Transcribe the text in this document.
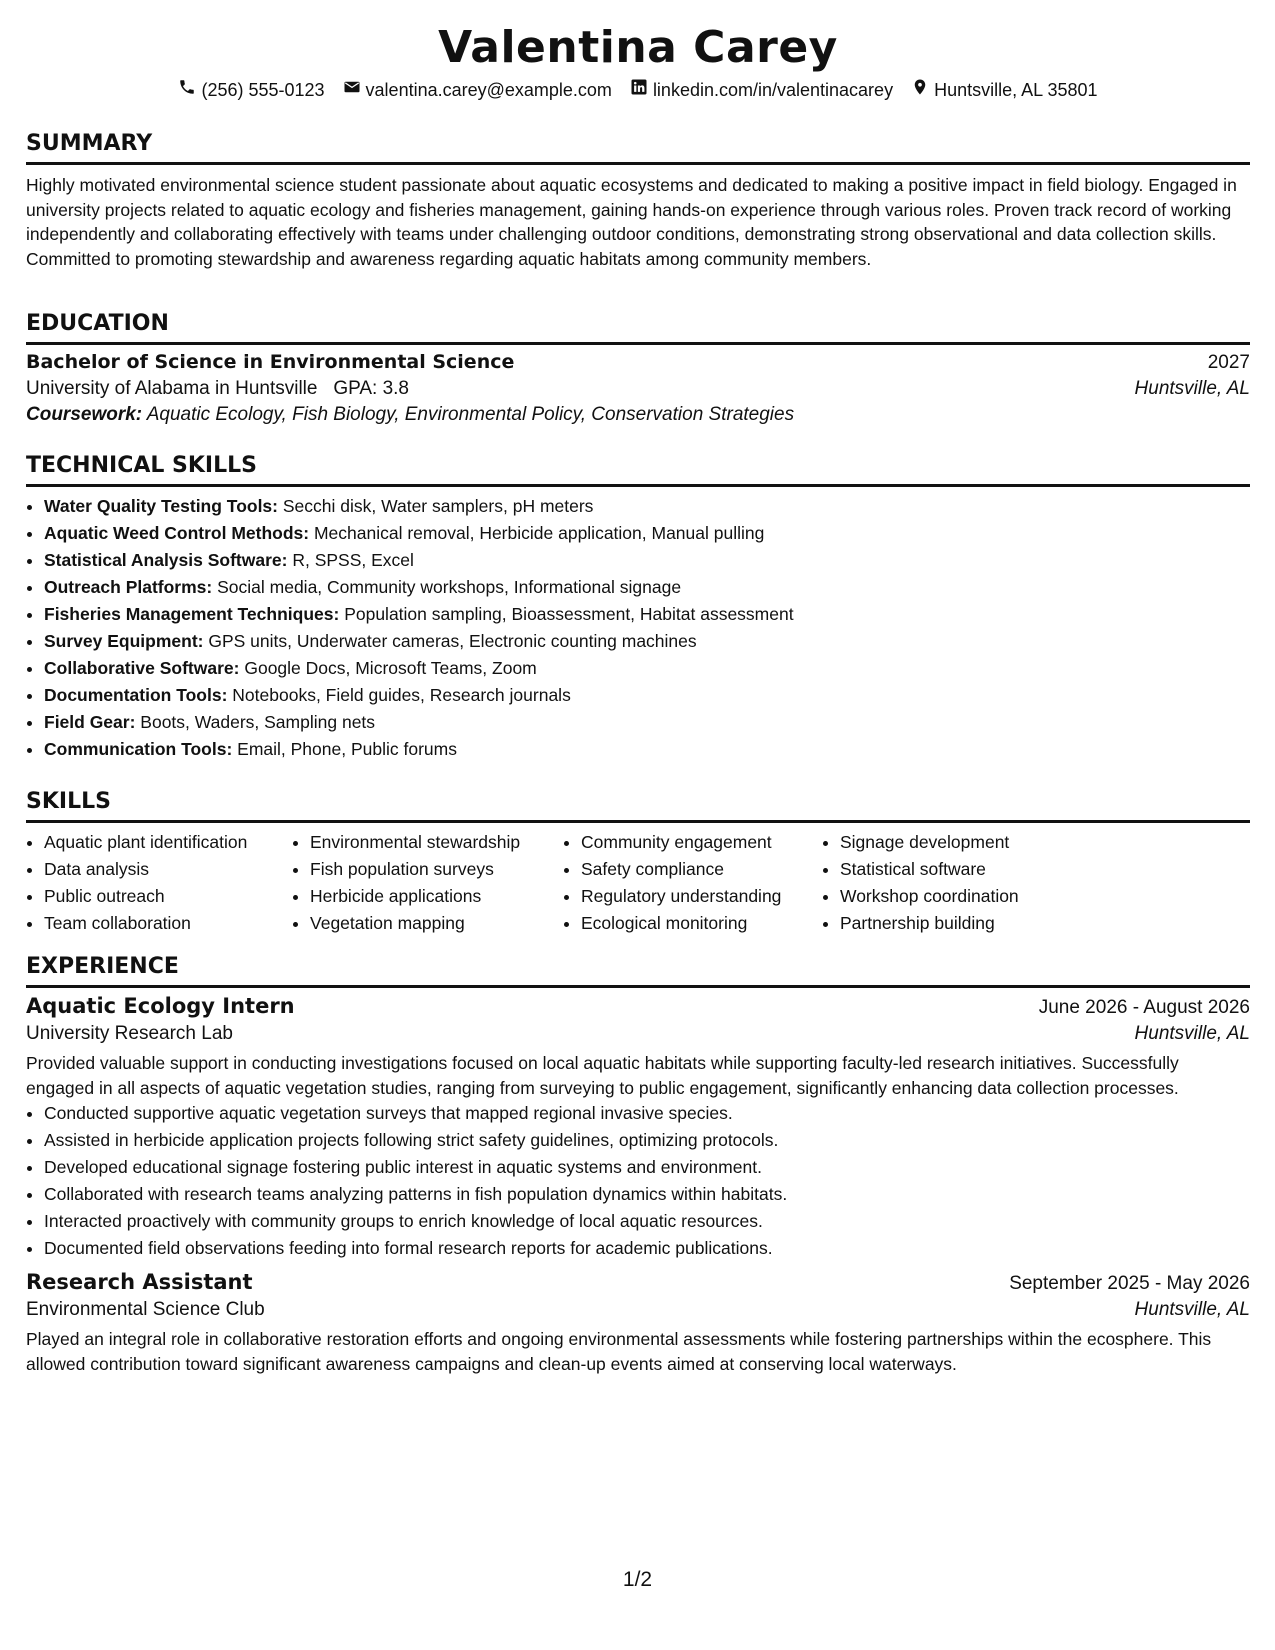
Valentina Carey
(256) 555-0123 valentina.carey@example.com linkedin.com/in/valentinacarey Huntsville, AL 35801
SUMMARY

Highly motivated environmental science student passionate about aquatic ecosystems and dedicated to making a positive impact in field biology. Engaged in university projects related to aquatic ecology and fisheries management, gaining hands-on experience through various roles. Proven track record of working independently and collaborating effectively with teams under challenging outdoor conditions, demonstrating strong observational and data collection skills. Committed to promoting stewardship and awareness regarding aquatic habitats among community members.

EDUCATION
Bachelor of Science in Environmental Science	2027
University of Alabama in Huntsville GPA: 3.8	Huntsville, AL
Coursework: Aquatic Ecology, Fish Biology, Environmental Policy, Conservation Strategies
TECHNICAL SKILLS
• Water Quality Testing Tools: Secchi disk, Water samplers, pH meters
• Aquatic Weed Control Methods: Mechanical removal, Herbicide application, Manual pulling
• Statistical Analysis Software: R, SPSS, Excel
• Outreach Platforms: Social media, Community workshops, Informational signage
• Fisheries Management Techniques: Population sampling, Bioassessment, Habitat assessment
• Survey Equipment: GPS units, Underwater cameras, Electronic counting machines
• Collaborative Software: Google Docs, Microsoft Teams, Zoom
• Documentation Tools: Notebooks, Field guides, Research journals
• Field Gear: Boots, Waders, Sampling nets
• Communication Tools: Email, Phone, Public forums
SKILLS
• Aquatic plant identification
• Data analysis
• Public outreach
• Team collaboration
• Environmental stewardship
• Fish population surveys
• Herbicide applications
• Vegetation mapping
• Community engagement
• Safety compliance
• Regulatory understanding
• Ecological monitoring
• Signage development
• Statistical software
• Workshop coordination
• Partnership building
EXPERIENCE
Aquatic Ecology Intern	June 2026 - August 2026
University Research Lab	Huntsville, AL

Provided valuable support in conducting investigations focused on local aquatic habitats while supporting faculty-led research initiatives. Successfully engaged in all aspects of aquatic vegetation studies, ranging from surveying to public engagement, significantly enhancing data collection processes.

• Conducted supportive aquatic vegetation surveys that mapped regional invasive species.
• Assisted in herbicide application projects following strict safety guidelines, optimizing protocols.
• Developed educational signage fostering public interest in aquatic systems and environment.
• Collaborated with research teams analyzing patterns in fish population dynamics within habitats.
• Interacted proactively with community groups to enrich knowledge of local aquatic resources.
• Documented field observations feeding into formal research reports for academic publications.
Research Assistant	September 2025 - May 2026
Environmental Science Club	Huntsville, AL

Played an integral role in collaborative restoration efforts and ongoing environmental assessments while fostering partnerships within the ecosphere. This allowed contribution toward significant awareness campaigns and clean-up events aimed at conserving local waterways.

1/2
